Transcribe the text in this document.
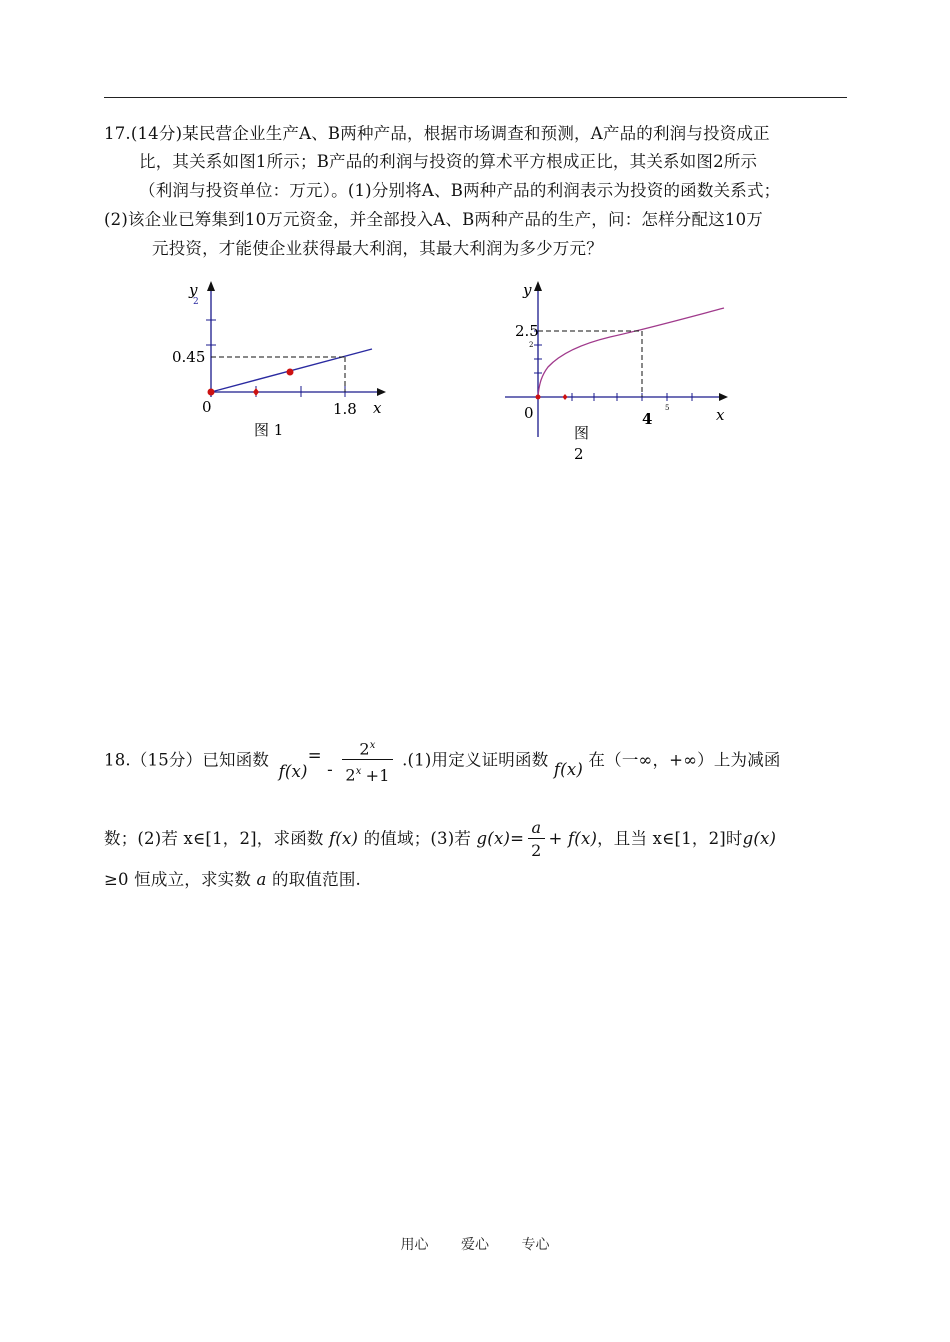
17.(14分)某民营企业生产A、B两种产品，根据市场调查和预测，A产品的利润与投资成正
比，其关系如图1所示；B产品的利润与投资的算术平方根成正比，其关系如图2所示
（利润与投资单位：万元）。(1)分别将A、B两种产品的利润表示为投资的函数关系式；
(2)该企业已筹集到10万元资金，并全部投入A、B两种产品的生产，问：怎样分配这10万
元投资，才能使企业获得最大利润，其最大利润为多少万元？
y
2
0.45
0	1.8 x
图 1
y
2.5
2
0	4
5	x
图
2
18.（15分）已知函数 $f(x)= - \frac{2^x}{2^x +1} .(1)$用定义证明函数 f(x) 在（一∞，+∞）上为减函
数；(2)若 x∈[1，2]，求函数 f(x) 的值域；(3)若 $g(x)= \frac{a}{2} + f(x)$，且当 x∈[1，2]时g(x)
≥0 恒成立，求实数 a 的取值范围.
用心 爱心 专心
